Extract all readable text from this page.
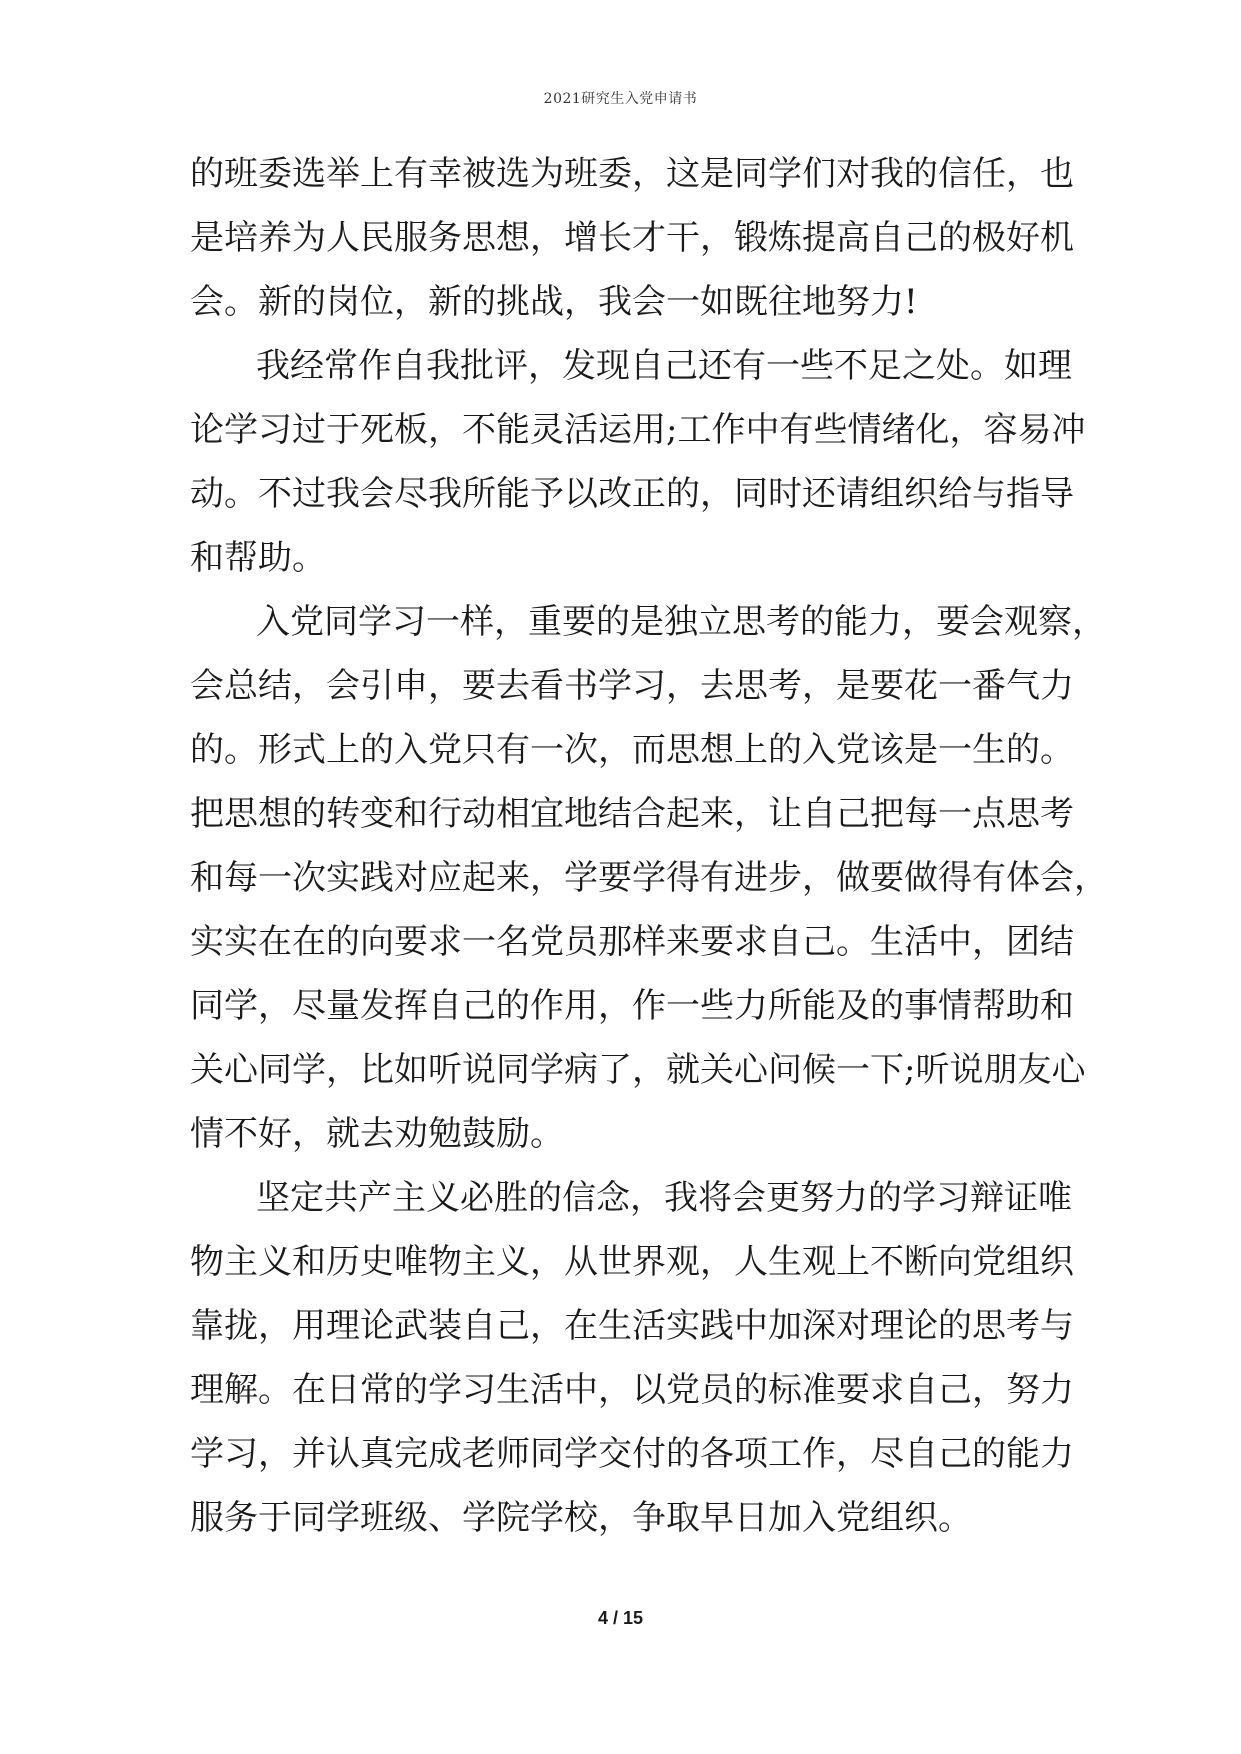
2021研究生入党申请书
的班委选举上有幸被选为班委，这是同学们对我的信任，也
是培养为人民服务思想，增长才干，锻炼提高自己的极好机
会。新的岗位，新的挑战，我会一如既往地努力!
我经常作自我批评，发现自己还有一些不足之处。如理
论学习过于死板，不能灵活运用;工作中有些情绪化，容易冲
动。不过我会尽我所能予以改正的，同时还请组织给与指导
和帮助。
入党同学习一样，重要的是独立思考的能力，要会观察，
会总结，会引申，要去看书学习，去思考，是要花一番气力
的。形式上的入党只有一次，而思想上的入党该是一生的。
把思想的转变和行动相宜地结合起来，让自己把每一点思考
和每一次实践对应起来，学要学得有进步，做要做得有体会，
实实在在的向要求一名党员那样来要求自己。生活中，团结
同学，尽量发挥自己的作用，作一些力所能及的事情帮助和
关心同学，比如听说同学病了，就关心问候一下;听说朋友心
情不好，就去劝勉鼓励。
坚定共产主义必胜的信念，我将会更努力的学习辩证唯
物主义和历史唯物主义，从世界观，人生观上不断向党组织
靠拢，用理论武装自己，在生活实践中加深对理论的思考与
理解。在日常的学习生活中，以党员的标准要求自己，努力
学习，并认真完成老师同学交付的各项工作，尽自己的能力
服务于同学班级、学院学校，争取早日加入党组织。
4 / 15
